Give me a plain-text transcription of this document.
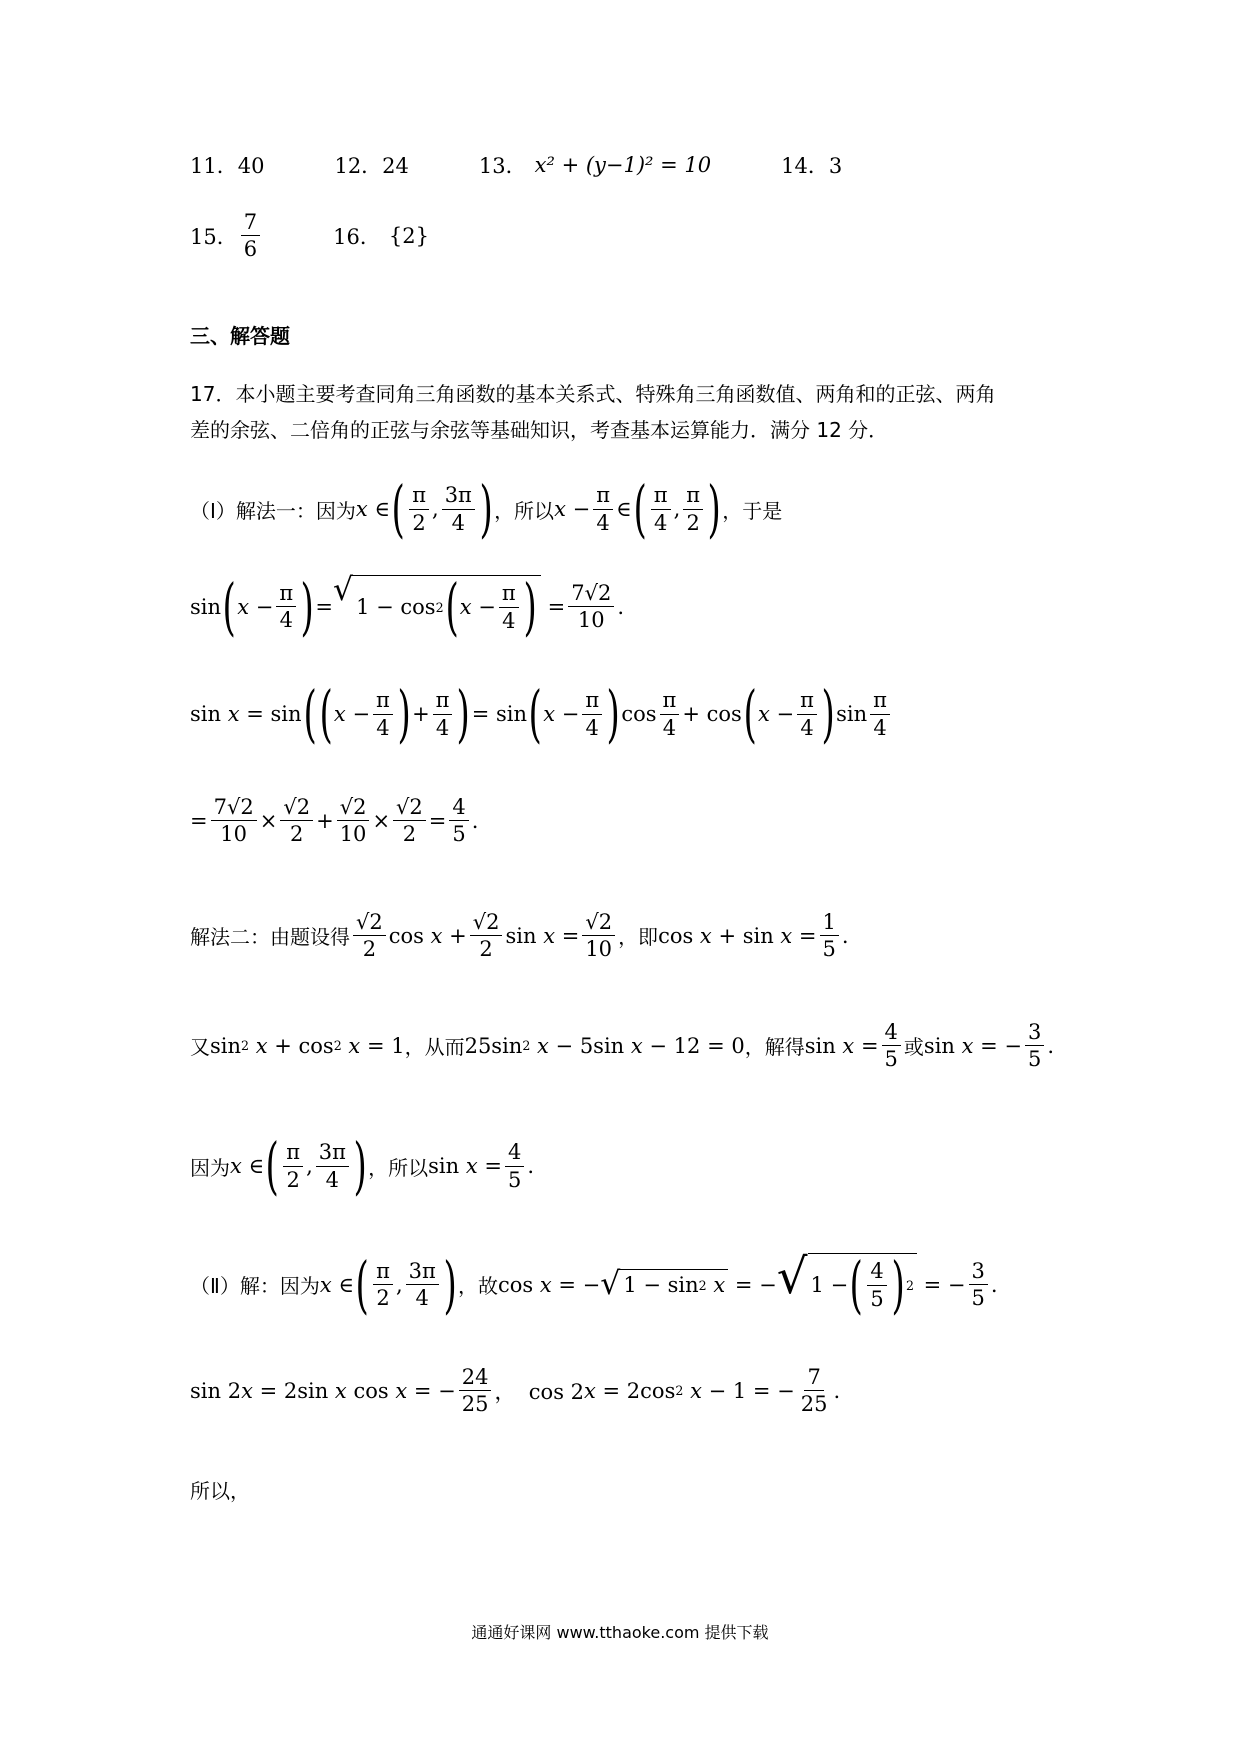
11．40	12．24	13． x² + (y−1)² = 10	14．3
15． $\frac{7}{6}$	16． {2}
三、解答题
17．本小题主要考查同角三角函数的基本关系式、特殊角三角函数值、两角和的正弦、两角
差的余弦、二倍角的正弦与余弦等基础知识，考查基本运算能力．满分 12 分．
（Ⅰ）解法一：因为 x ∈ ( $\frac{\pi}{2}$ , $\frac{3\pi}{4}$ ) ，所以 $x - \frac{\pi}{4}$ ∈ ( $\frac{\pi}{4}$ , $\frac{\pi}{2}$ ) ，于是
sin ( $x - \frac{\pi}{4}$ ) = √ 1 − cos 2 ( $x - \frac{\pi}{4}$ ) = $\frac{7√2}{10}$ .
sin x = sin ( ( $x - \frac{\pi}{4}$ ) + $\frac{\pi}{4}$ ) = sin ( $x - \frac{\pi}{4}$ ) $\cos \frac{\pi}{4} + \cos$ ( $x - \frac{\pi}{4}$ ) $\sin \frac{\pi}{4}$
= $\frac{7√2}{10} \times \frac{√2}{2} + \frac{√2}{10} \times \frac{√2}{2} = \frac{4}{5}$ .
解法二：由题设得 $\frac{√2}{2}$ $\cos x + \frac{√2}{2}$ $\sin x = \frac{√2}{10}$ ，即 $\cos x + \sin x = \frac{1}{5}$ .
又 sin 2
x + cos 2
x = 1 ，从而 25sin 2
x − 5sin x − 12 = 0 ，解得 $\sin x = \frac{4}{5}$ 或 sin x = − $\frac{3}{5}$ .
因为 x ∈ ( $\frac{\pi}{2}$ , $\frac{3\pi}{4}$ ) ，所以 $\sin x = \frac{4}{5}$ .
（Ⅱ）解：因为 x ∈ ( $\frac{\pi}{2}$ , $\frac{3\pi}{4}$ ) ，故 cos x = − √ 1 − sin 2
x = − √ 1 − ( $\frac{4}{5}$ ) 2 = − $\frac{3}{5}$ .
sin 2 x = 2sin x cos x = − $\frac{24}{25}$ ，  cos 2 x = 2cos 2
x − 1 = − $\frac{7}{25}$ .
所以，
通通好课网 www.tthaoke.com 提供下载
